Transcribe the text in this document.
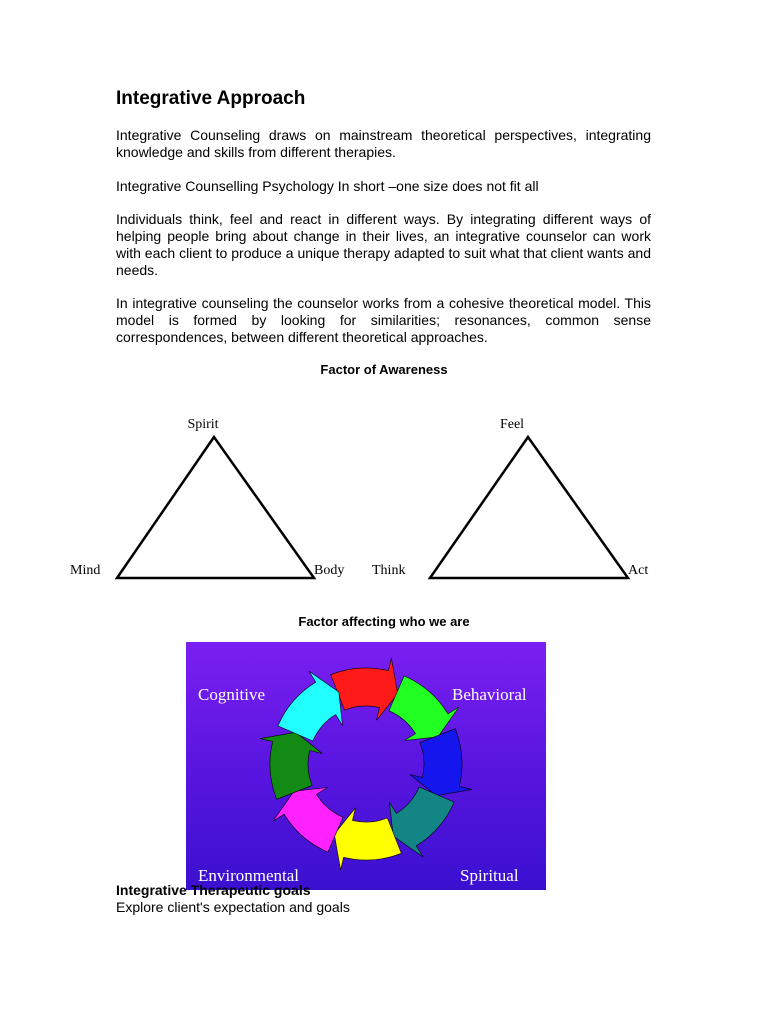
Integrative Approach

Integrative Counseling draws on mainstream theoretical perspectives, integrating knowledge and skills from different therapies.

Integrative Counselling Psychology In short –one size does not fit all

Individuals think, feel and react in different ways. By integrating different ways of helping people bring about change in their lives, an integrative counselor can work with each client to produce a unique therapy adapted to suit what that client wants and needs.

In integrative counseling the counselor works from a cohesive theoretical model. This model is formed by looking for similarities; resonances, common sense correspondences, between different theoretical approaches.

Factor of Awareness

Spirit
Mind	Body
Feel
Think	Act

Factor affecting who we are

Cognitive	Behavioral
Environmental	Spiritual

Integrative Therapeutic goals

Explore client's expectation and goals
